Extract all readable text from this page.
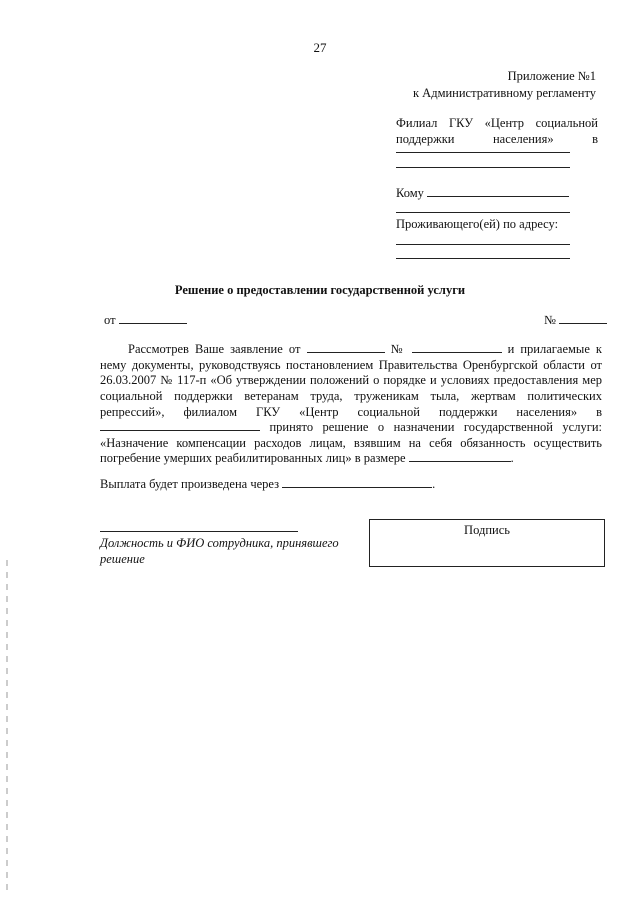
27
Приложение №1
к Административному регламенту
Филиал ГКУ «Центр социальной
поддержки населения» в
Кому
Проживающего(ей) по адресу:
Решение о предоставлении государственной услуги
от	№

Рассмотрев Ваше заявление от	№	и прилагаемые к

нему документы, руководствуясь постановлением Правительства Оренбургской области от

26.03.2007 № 117-п «Об утверждении положений о порядке и условиях предоставления мер

социальной поддержки ветеранам труда, труженикам тыла, жертвам политических

репрессий», филиалом ГКУ «Центр социальной поддержки населения» в

принято решение о назначении государственной услуги:

«Назначение компенсации расходов лицам, взявшим на себя обязанность осуществить

погребение умерших реабилитированных лиц» в размере	.

Выплата будет произведена через	.
Должность и ФИО сотрудника, принявшего решение
Подпись
